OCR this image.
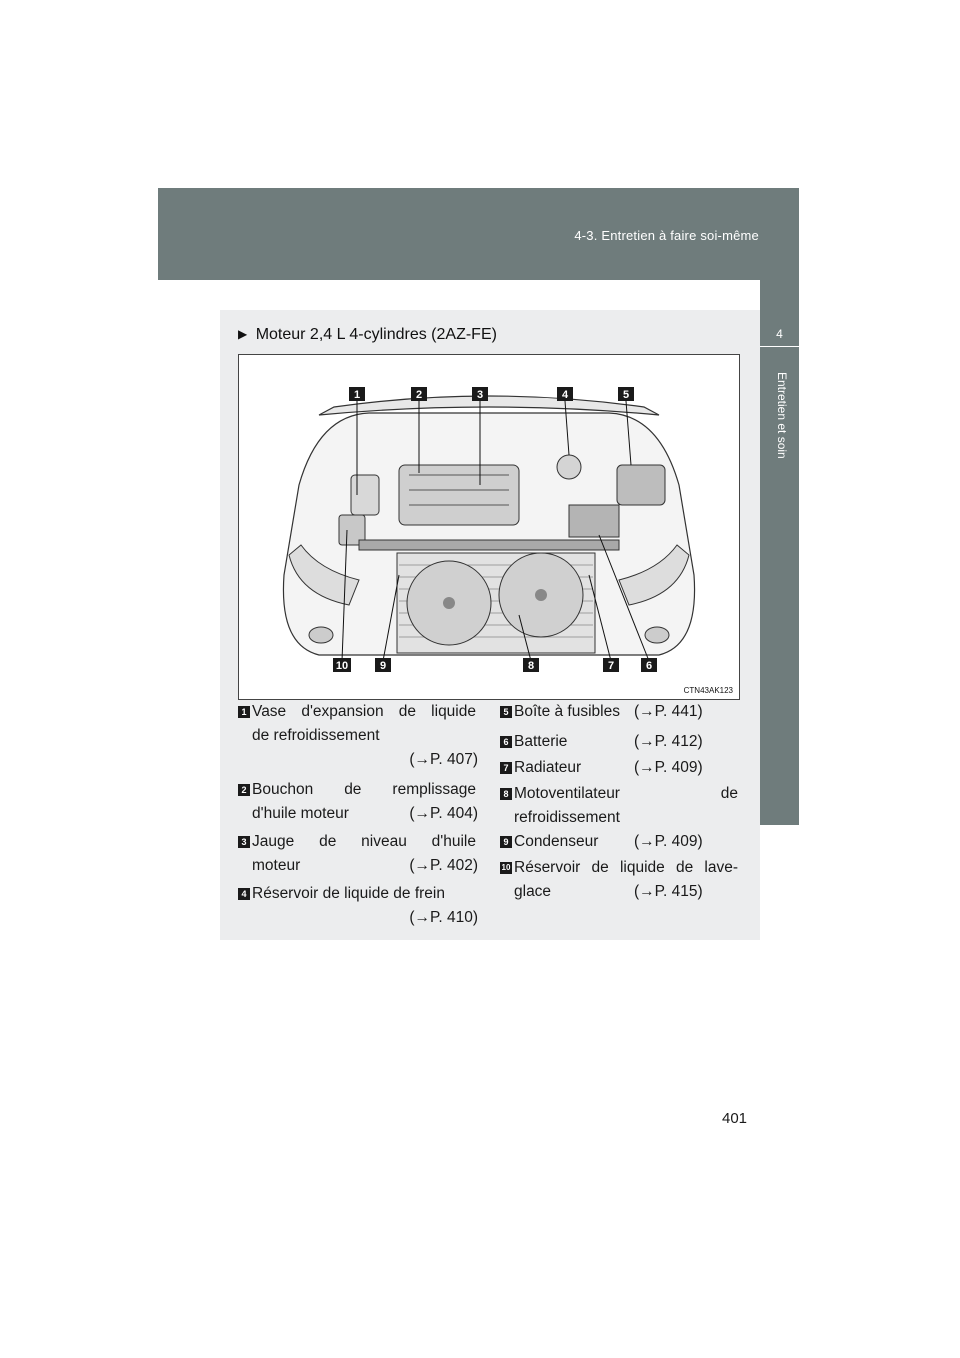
4-3. Entretien à faire soi-même
4
Entretien et soin
▶ Moteur 2,4 L 4-cylindres (2AZ-FE)
1	2	3	4	5
10	9	8	7	6
CTN43AK123
1 Vase d'expansion de liquide
de refroidissement
(→P. 407)
2 Bouchon de remplissage
d'huile moteur	(→P. 404)
3 Jauge de niveau d'huile
moteur	(→P. 402)
4 Réservoir de liquide de frein
(→P. 410)
5 Boîte à fusibles (→P. 441)
6 Batterie	(→P. 412)
7 Radiateur	(→P. 409)
8 Motoventilateur de
refroidissement
9 Condenseur (→P. 409)
10 Réservoir de liquide de lave-
glace	(→P. 415)
401
